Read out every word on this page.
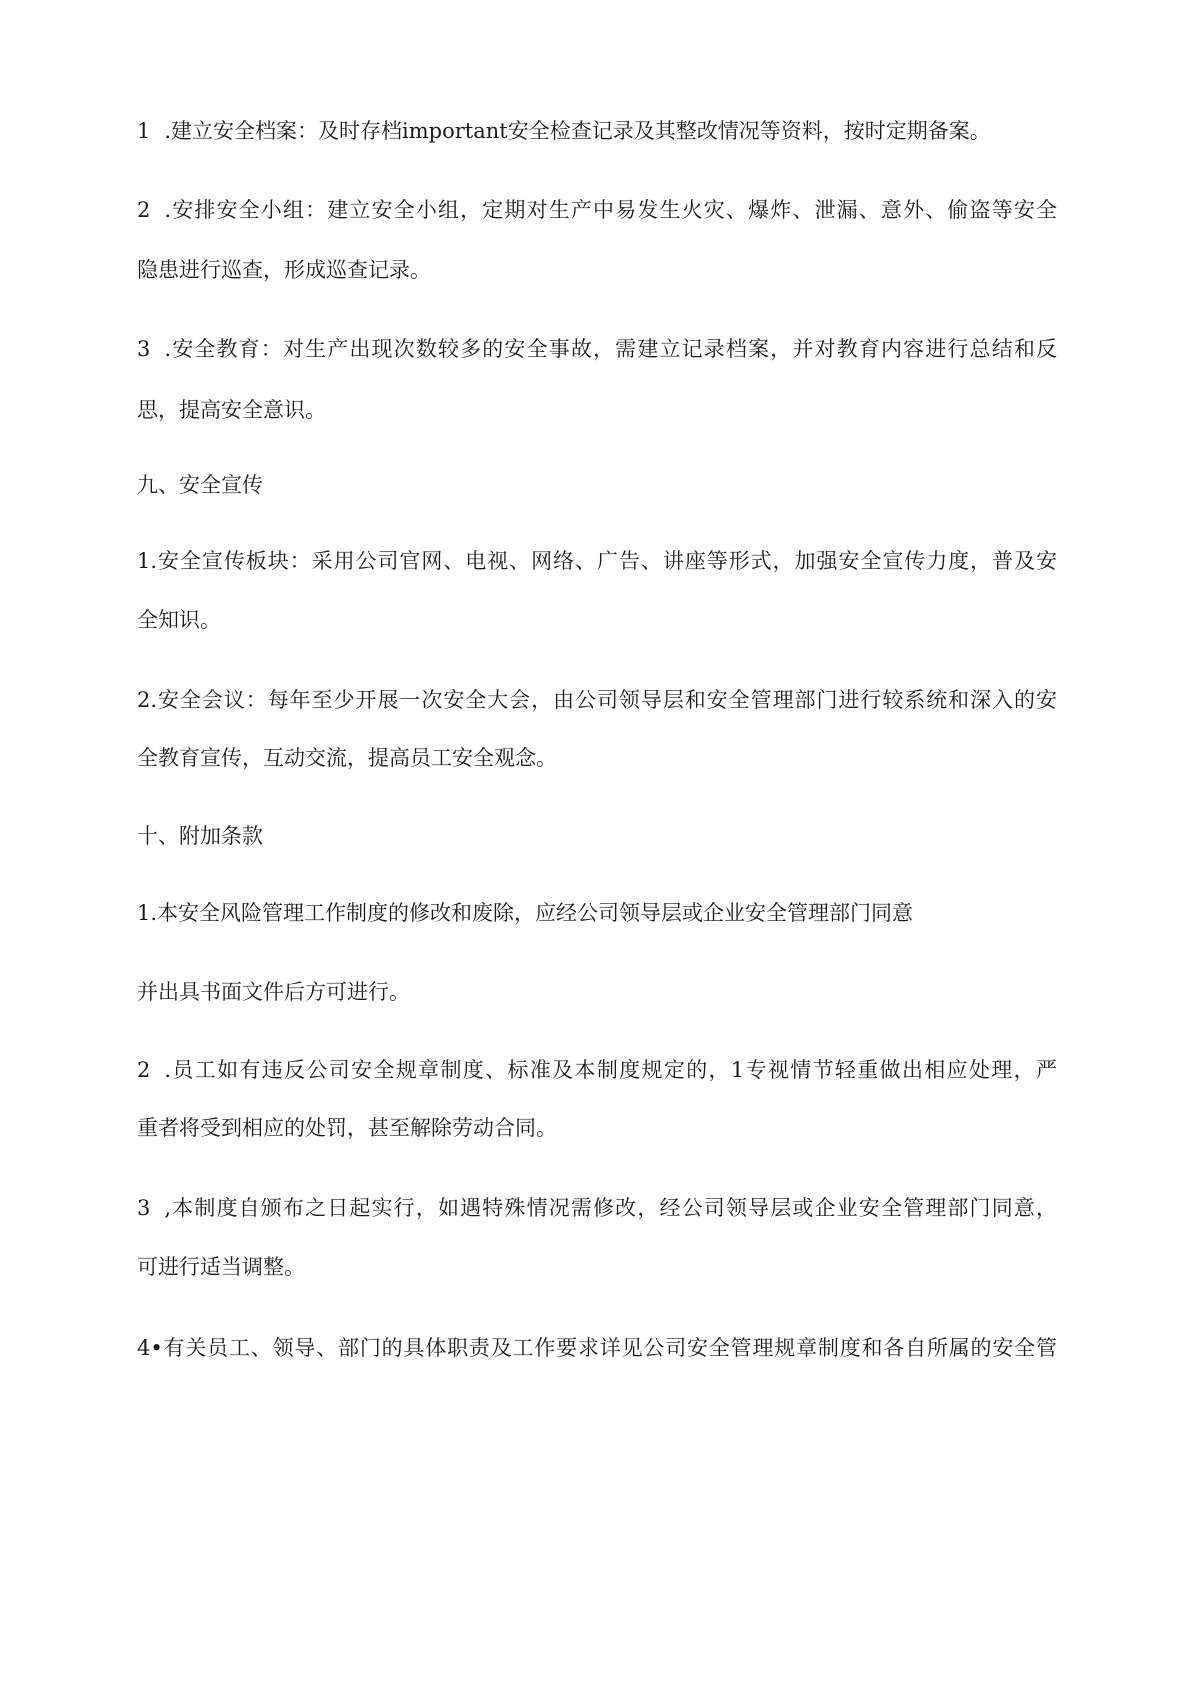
1 .建立安全档案：及时存档important安全检查记录及其整改情况等资料，按时定期备案。
2 .安排安全小组：建立安全小组，定期对生产中易发生火灾、爆炸、泄漏、意外、偷盗等安全
隐患进行巡查，形成巡查记录。
3 .安全教育：对生产出现次数较多的安全事故，需建立记录档案，并对教育内容进行总结和反
思，提高安全意识。
九、安全宣传
1.安全宣传板块：采用公司官网、电视、网络、广告、讲座等形式，加强安全宣传力度，普及安
全知识。
2.安全会议：每年至少开展一次安全大会，由公司领导层和安全管理部门进行较系统和深入的安
全教育宣传，互动交流，提高员工安全观念。
十、附加条款
1.本安全风险管理工作制度的修改和废除，应经公司领导层或企业安全管理部门同意
并出具书面文件后方可进行。
2 .员工如有违反公司安全规章制度、标准及本制度规定的，1专视情节轻重做出相应处理，严
重者将受到相应的处罚，甚至解除劳动合同。
3 ,本制度自颁布之日起实行，如遇特殊情况需修改，经公司领导层或企业安全管理部门同意，
可进行适当调整。
4•有关员工、领导、部门的具体职责及工作要求详见公司安全管理规章制度和各自所属的安全管
